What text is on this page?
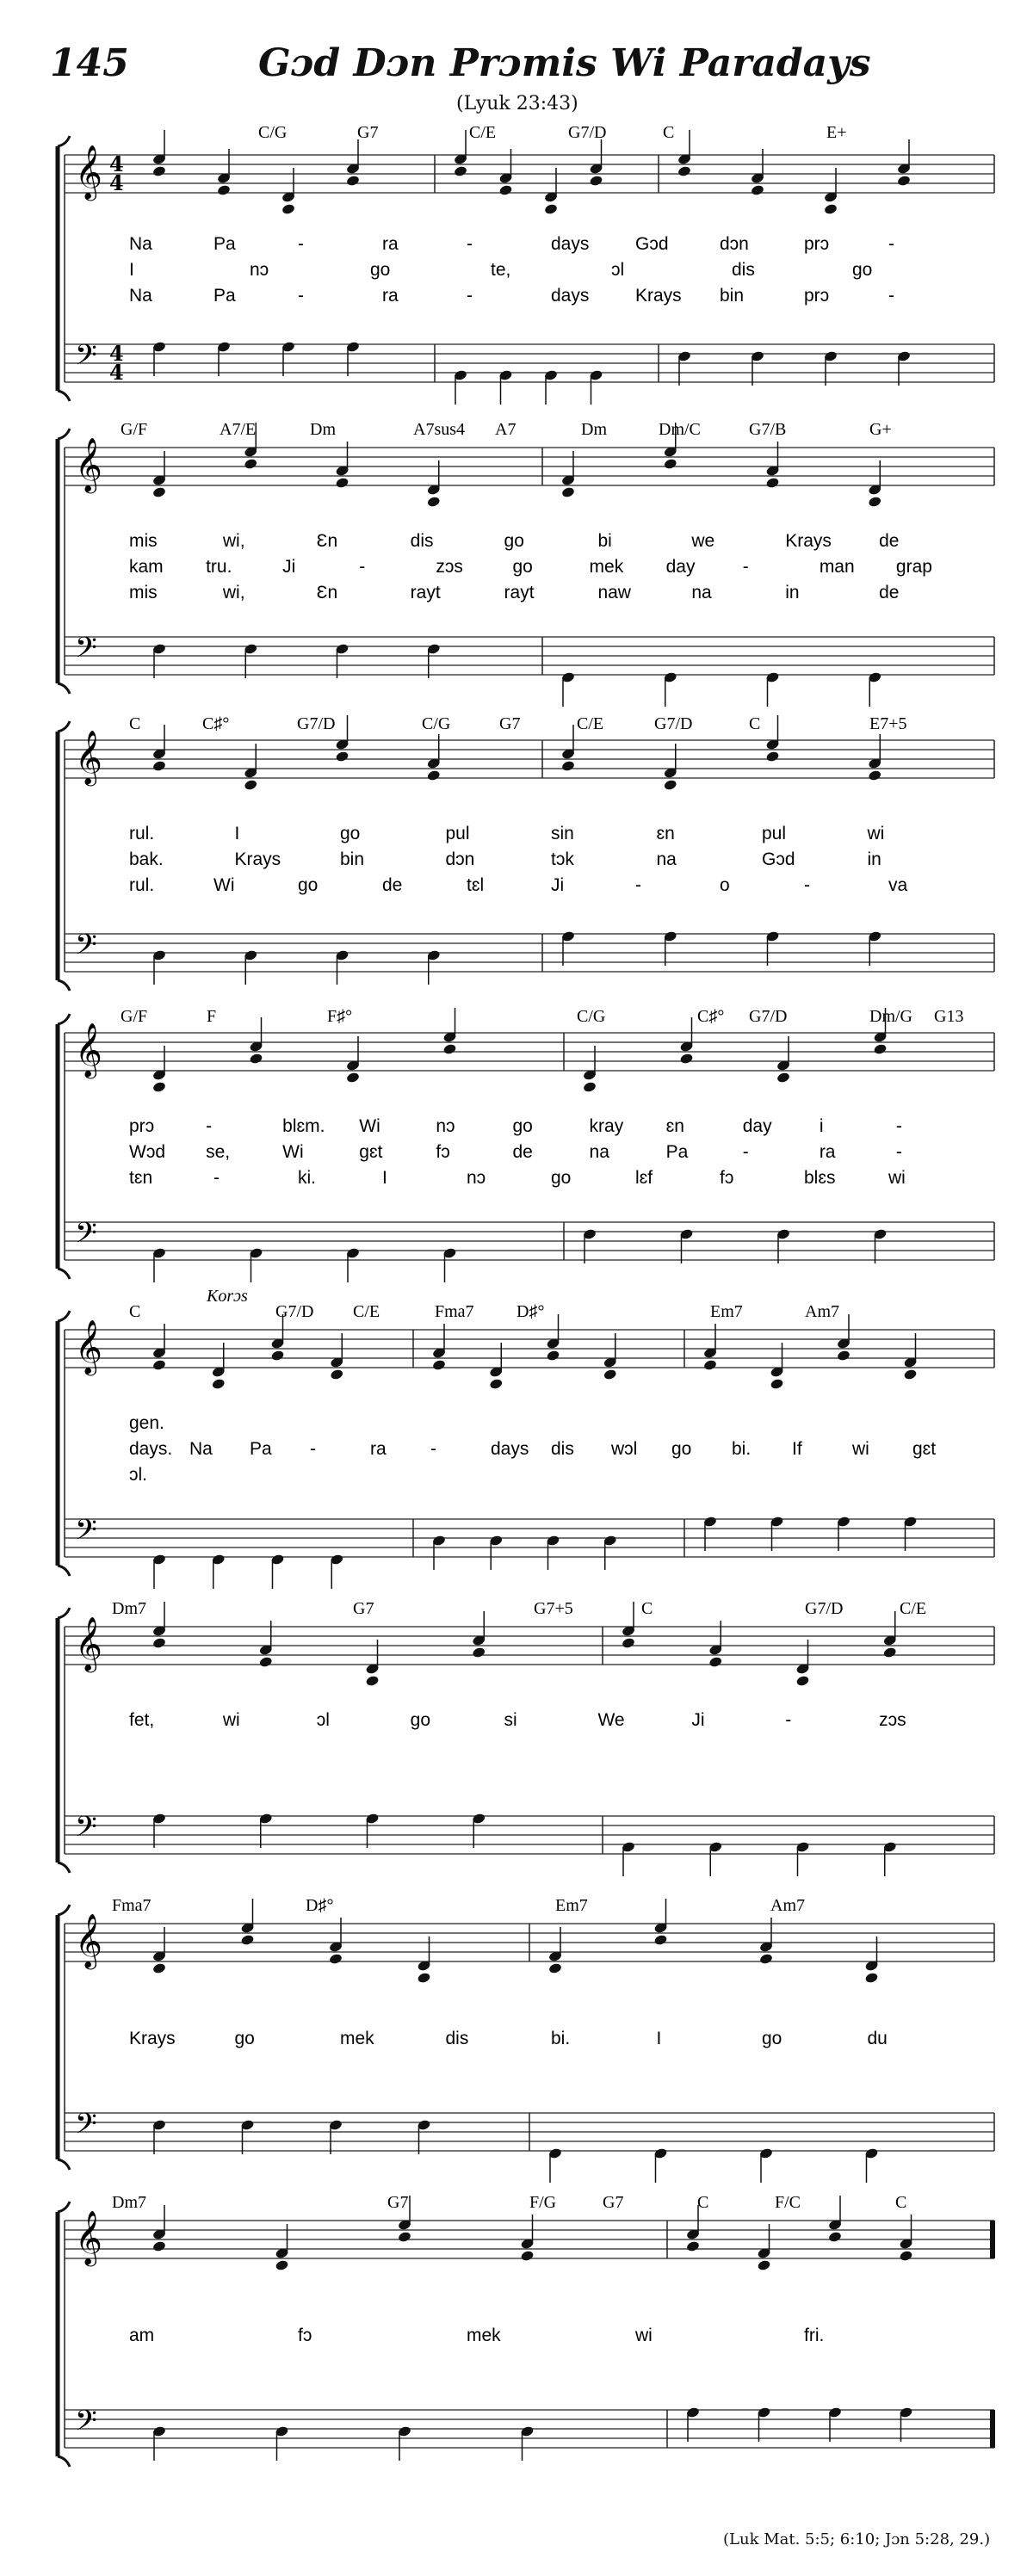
145	Gɔd Dɔn Prɔmis Wi Paradays
(Lyuk 23:43)
𝄞
𝄢
4
4
4
4
C/G	G7	C/E	G7/D	C	E+
Na	Pa	-	ra	-	days	Gɔd	dɔn	prɔ	-
I	nɔ	go	te,	ɔl	dis	go
Na	Pa	-	ra	-	days	Krays bin	prɔ	-
𝄞
𝄢
G/F	A7/E	Dm	A7sus4 A7	Dm	Dm/C	G7/B	G+
mis	wi,	Ɛn	dis	go	bi	we	Krays	de
kam tru.	Ji	-	zɔs	go	mek day	-	man grap
mis	wi,	Ɛn	rayt	rayt	naw	na	in	de
𝄞
𝄢
C	C♯°	G7/D	C/G	G7	C/E	G7/D	C	E7+5
rul.	I	go	pul	sin	ɛn	pul	wi
bak.	Krays	bin	dɔn	tɔk	na	Gɔd	in
rul.	Wi	go	de	tɛl	Ji	-	o	-	va
𝄞
𝄢
G/F	F	F♯°	C/G	C♯° G7/D	Dm/G G13
prɔ	-	blɛm. Wi	nɔ	go	kray ɛn	day	i	-
Wɔd se,	Wi	gɛt	fɔ	de	na	Pa	-	ra	-
tɛn	-	ki.	I	nɔ	go	lɛf	fɔ	blɛs	wi
𝄞
𝄢
C	G7/D C/E	Fma7 D♯°	Em7	Am7
Korɔs
gen.
days. Na Pa -	ra -	days dis wɔl go bi. If	wi gɛt
ɔl.
𝄞
𝄢
Dm7	G7	G7+5	C	G7/D	C/E
fet,	wi	ɔl	go	si	We	Ji	-	zɔs
𝄞
𝄢
Fma7	D♯°	Em7	Am7
Krays	go	mek	dis	bi.	I	go	du
𝄞
𝄢
Dm7	G7	F/G	G7	C	F/C	C
am	fɔ	mek	wi	fri.
(Luk Mat. 5:5; 6:10; Jɔn 5:28, 29.)
